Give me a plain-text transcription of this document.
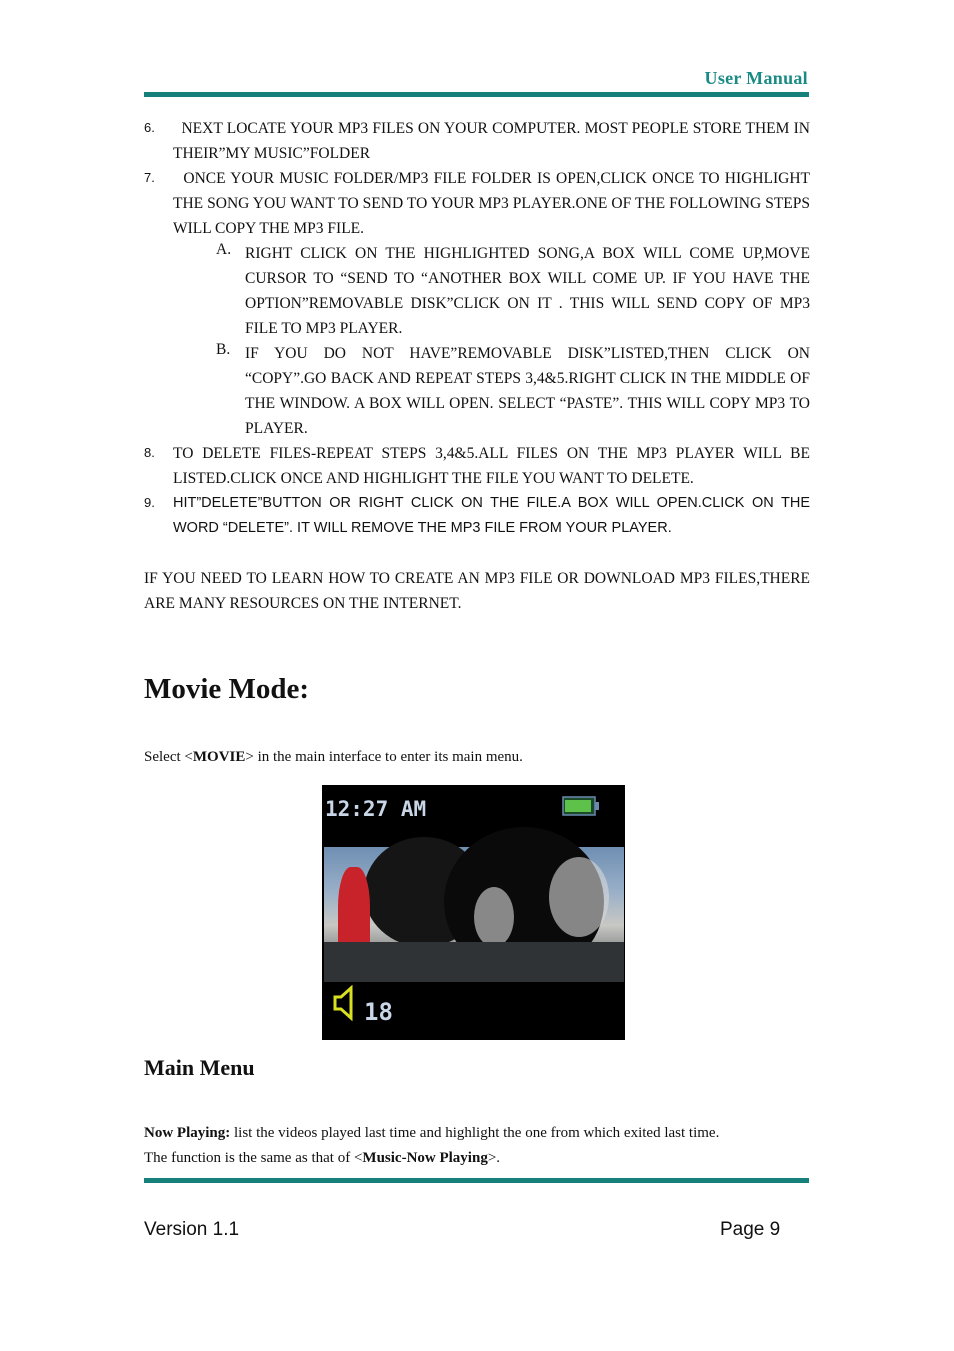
User Manual
6. NEXT LOCATE YOUR MP3 FILES ON YOUR COMPUTER. MOST PEOPLE STORE THEM IN THEIR”MY MUSIC”FOLDER
7. ONCE YOUR MUSIC FOLDER/MP3 FILE FOLDER IS OPEN,CLICK ONCE TO HIGHLIGHT THE SONG YOU WANT TO SEND TO YOUR MP3 PLAYER.ONE OF THE FOLLOWING STEPS WILL COPY THE MP3 FILE.
A. RIGHT CLICK ON THE HIGHLIGHTED SONG,A BOX WILL COME UP,MOVE CURSOR TO “SEND TO “ANOTHER BOX WILL COME UP. IF YOU HAVE THE OPTION”REMOVABLE DISK”CLICK ON IT . THIS WILL SEND COPY OF MP3 FILE TO MP3 PLAYER.
B. IF YOU DO NOT HAVE”REMOVABLE DISK”LISTED,THEN CLICK ON “COPY”.GO BACK AND REPEAT STEPS 3,4&5.RIGHT CLICK IN THE MIDDLE OF THE WINDOW. A BOX WILL OPEN. SELECT “PASTE”. THIS WILL COPY MP3 TO PLAYER.
8. TO DELETE FILES-REPEAT STEPS 3,4&5.ALL FILES ON THE MP3 PLAYER WILL BE LISTED.CLICK ONCE AND HIGHLIGHT THE FILE YOU WANT TO DELETE.
9. HIT”DELETE”BUTTON OR RIGHT CLICK ON THE FILE.A BOX WILL OPEN.CLICK ON THE WORD “DELETE”. IT WILL REMOVE THE MP3 FILE FROM YOUR PLAYER.
IF YOU NEED TO LEARN HOW TO CREATE AN MP3 FILE OR DOWNLOAD MP3 FILES,THERE ARE MANY RESOURCES ON THE INTERNET.
Movie Mode:
Select <MOVIE> in the main interface to enter its main menu.
12:27 AM
18
Main Menu
Now Playing: list the videos played last time and highlight the one from which exited last time.
The function is the same as that of <Music-Now Playing>.
Version 1.1	Page 9
